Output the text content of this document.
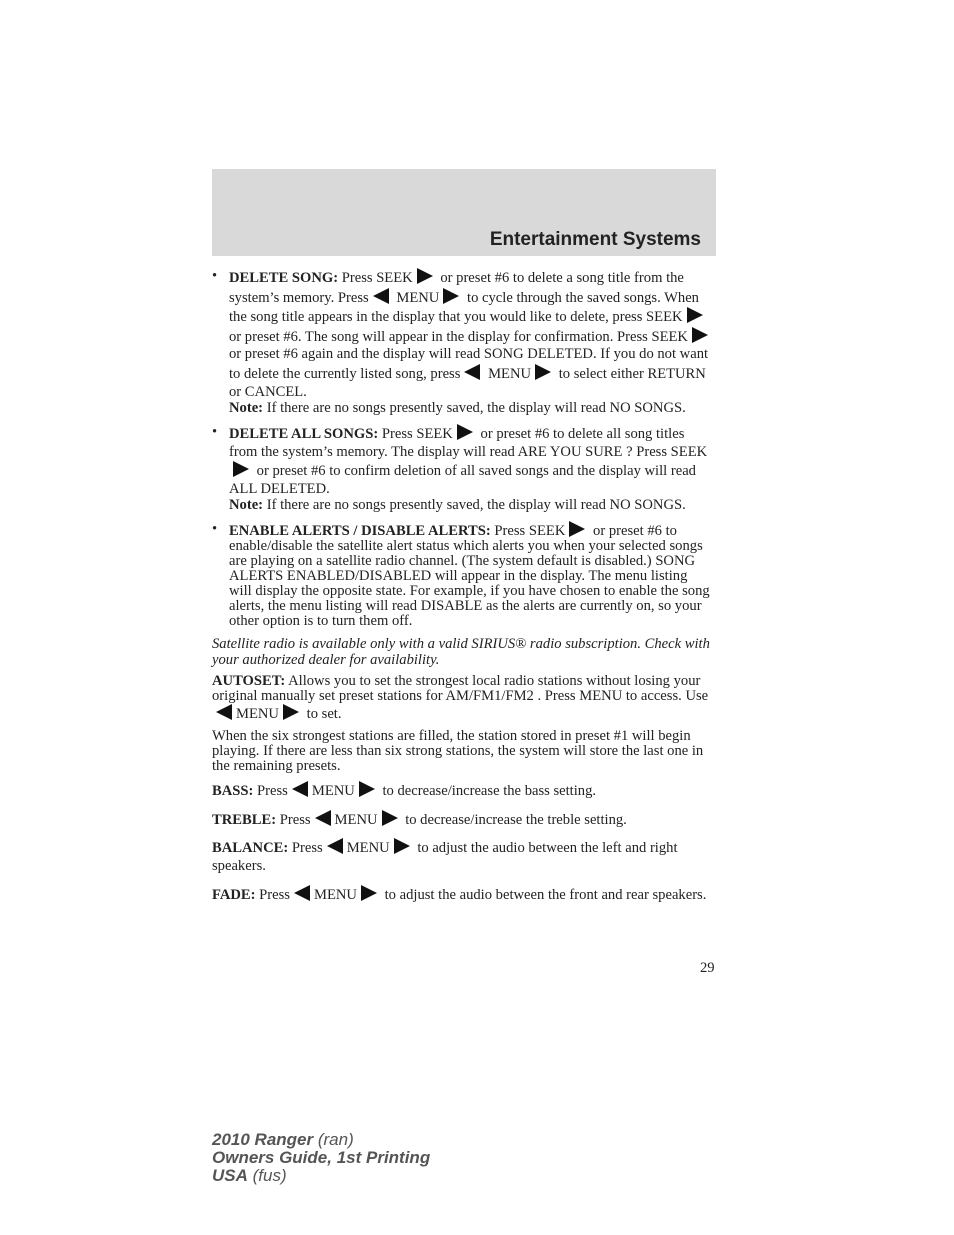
Entertainment Systems
• DELETE SONG: Press SEEK or preset #6 to delete a song title from the system’s memory. Press MENU to cycle through the saved songs. When the song title appears in the display that you would like to delete, press SEEK or preset #6. The song will appear in the display for confirmation. Press SEEK or preset #6 again and the display will read SONG DELETED. If you do not want to delete the currently listed song, press MENU to select either RETURN or CANCEL.
Note: If there are no songs presently saved, the display will read NO SONGS.
• DELETE ALL SONGS: Press SEEK or preset #6 to delete all song titles from the system’s memory. The display will read ARE YOU SURE ? Press SEEK or preset #6 to confirm deletion of all saved songs and the display will read ALL DELETED.
Note: If there are no songs presently saved, the display will read NO SONGS.
• ENABLE ALERTS / DISABLE ALERTS: Press SEEK or preset #6 to enable/disable the satellite alert status which alerts you when your selected songs are playing on a satellite radio channel. (The system default is disabled.) SONG ALERTS ENABLED/DISABLED will appear in the display. The menu listing will display the opposite state. For example, if you have chosen to enable the song alerts, the menu listing will read DISABLE as the alerts are currently on, so your other option is to turn them off.

Satellite radio is available only with a valid SIRIUS® radio subscription. Check with your authorized dealer for availability.

AUTOSET: Allows you to set the strongest local radio stations without losing your original manually set preset stations for AM/FM1/FM2 . Press MENU to access. UseMENU to set.

When the six strongest stations are filled, the station stored in preset #1 will begin playing. If there are less than six strong stations, the system will store the last one in the remaining presets.

BASS: Press MENU to decrease/increase the bass setting.

TREBLE: Press MENU to decrease/increase the treble setting.

BALANCE: Press MENU to adjust the audio between the left and right speakers.

FADE: Press MENU to adjust the audio between the front and rear speakers.

29
2010 Ranger (ran)
Owners Guide, 1st Printing
USA (fus)
